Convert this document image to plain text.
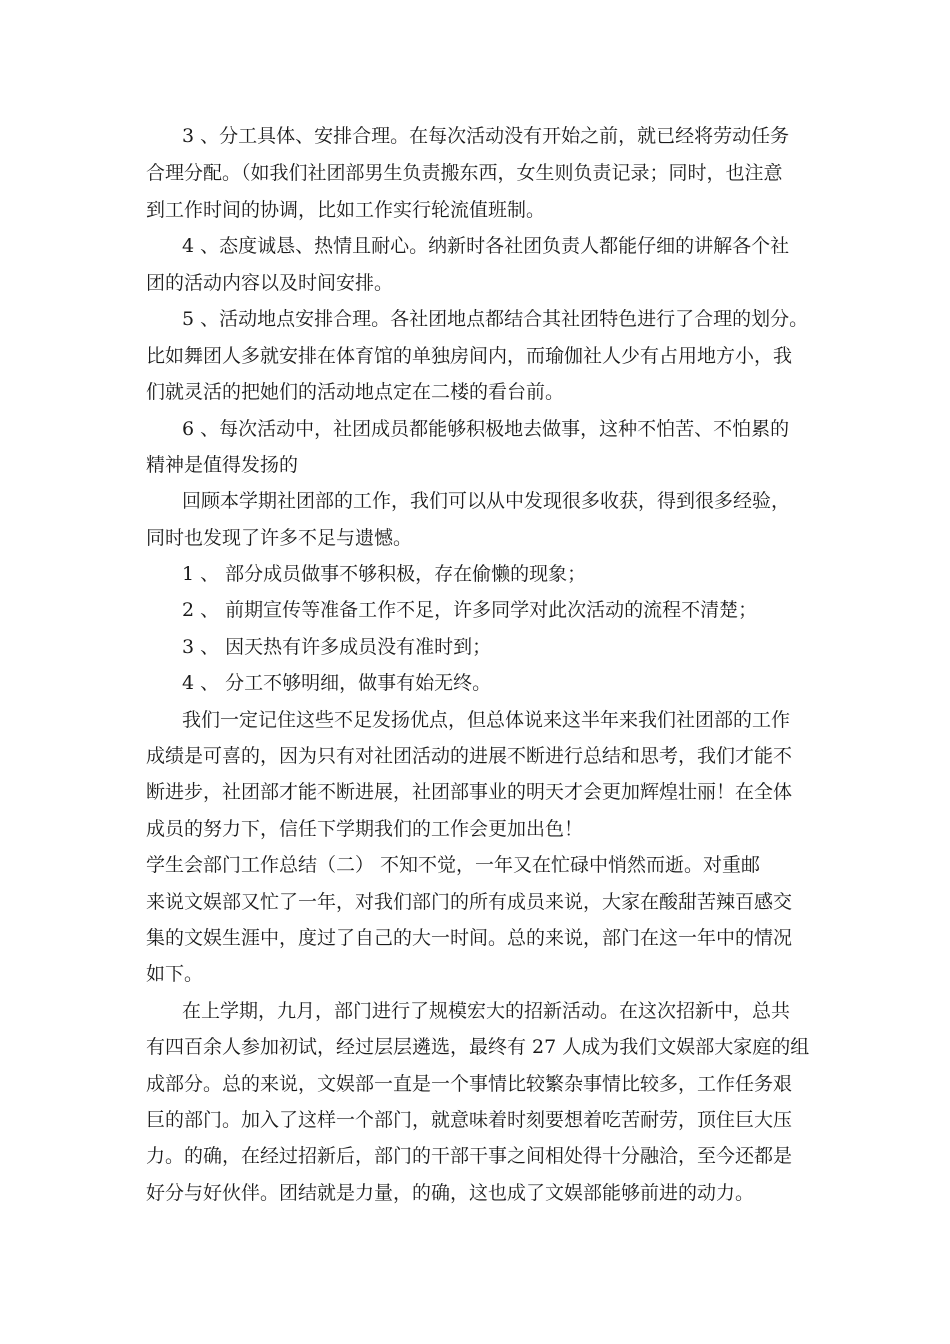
3 、分工具体、安排合理。在每次活动没有开始之前，就已经将劳动任务
合理分配。（如我们社团部男生负责搬东西，女生则负责记录；同时，也注意
到工作时间的协调，比如工作实行轮流值班制。
4 、态度诚恳、热情且耐心。纳新时各社团负责人都能仔细的讲解各个社
团的活动内容以及时间安排。
5 、活动地点安排合理。各社团地点都结合其社团特色进行了合理的划分。
比如舞团人多就安排在体育馆的单独房间内，而瑜伽社人少有占用地方小，我
们就灵活的把她们的活动地点定在二楼的看台前。
6 、每次活动中，社团成员都能够积极地去做事，这种不怕苦、不怕累的
精神是值得发扬的
回顾本学期社团部的工作，我们可以从中发现很多收获，得到很多经验，
同时也发现了许多不足与遗憾。
1 、 部分成员做事不够积极，存在偷懒的现象；
2 、 前期宣传等准备工作不足，许多同学对此次活动的流程不清楚；
3 、 因天热有许多成员没有准时到；
4 、 分工不够明细，做事有始无终。
我们一定记住这些不足发扬优点，但总体说来这半年来我们社团部的工作
成绩是可喜的，因为只有对社团活动的进展不断进行总结和思考，我们才能不
断进步，社团部才能不断进展，社团部事业的明天才会更加辉煌壮丽！在全体
成员的努力下，信任下学期我们的工作会更加出色！
学生会部门工作总结（二） 不知不觉，一年又在忙碌中悄然而逝。对重邮
来说文娱部又忙了一年，对我们部门的所有成员来说，大家在酸甜苦辣百感交
集的文娱生涯中，度过了自己的大一时间。总的来说，部门在这一年中的情况
如下。
在上学期，九月，部门进行了规模宏大的招新活动。在这次招新中，总共
有四百余人参加初试，经过层层遴选，最终有 27 人成为我们文娱部大家庭的组
成部分。总的来说，文娱部一直是一个事情比较繁杂事情比较多，工作任务艰
巨的部门。加入了这样一个部门，就意味着时刻要想着吃苦耐劳，顶住巨大压
力。的确，在经过招新后，部门的干部干事之间相处得十分融洽，至今还都是
好分与好伙伴。团结就是力量，的确，这也成了文娱部能够前进的动力。
